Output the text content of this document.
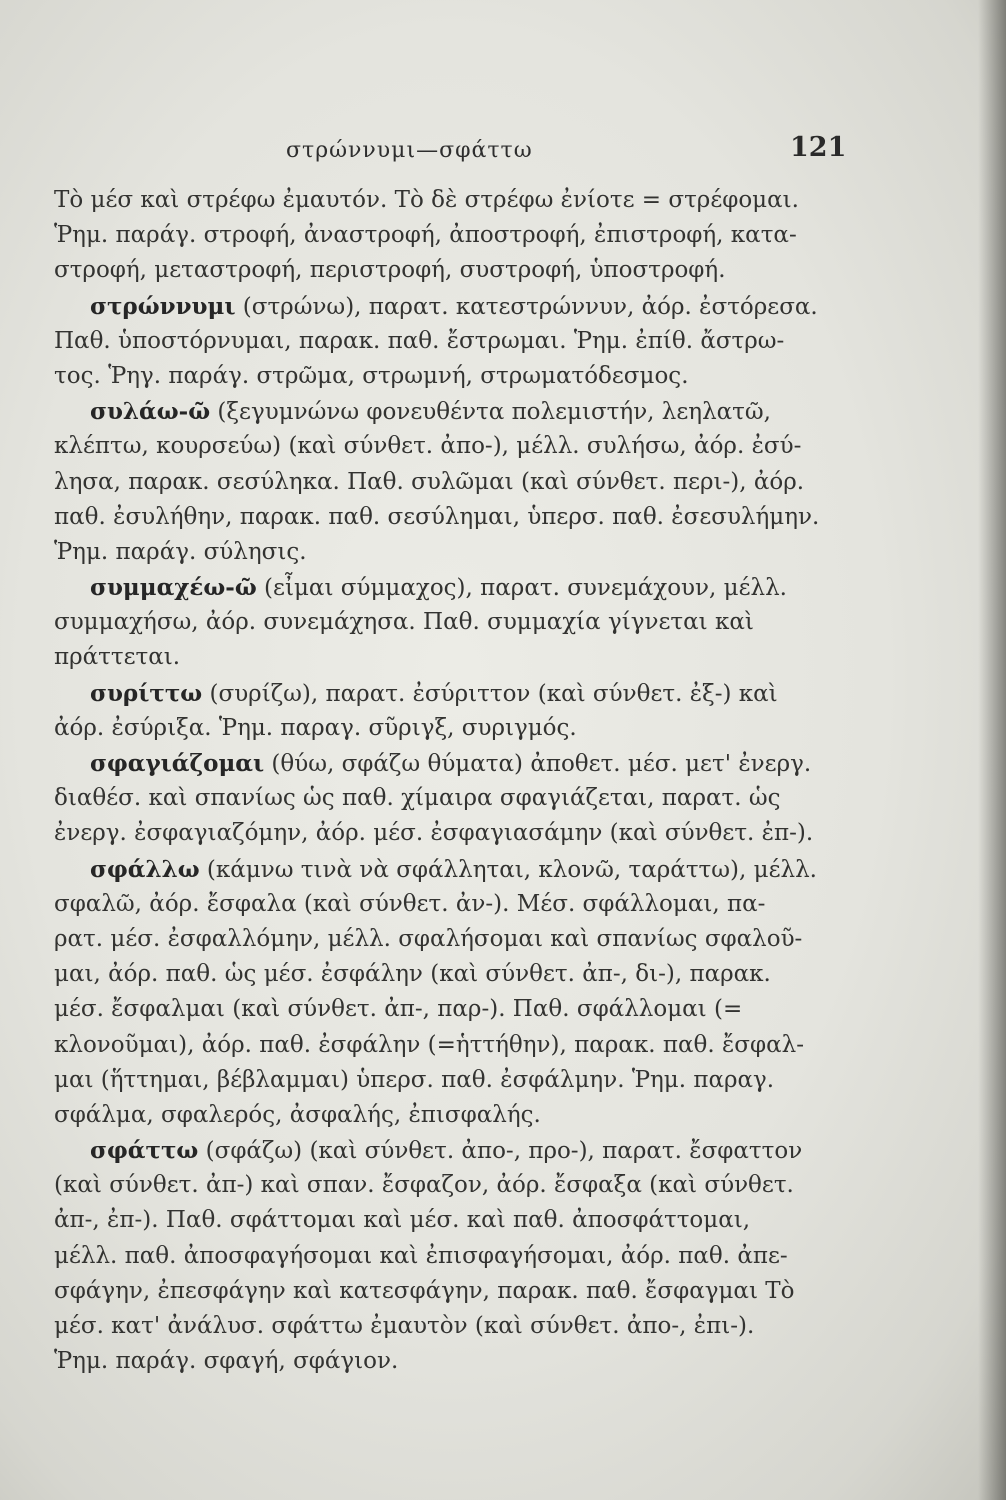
στρώννυμι—σφάττω	121
Τὸ μέσ καὶ στρέφω ἐμαυτόν. Τὸ δὲ στρέφω ἐνίοτε = στρέφομαι.
Ῥημ. παράγ. στροφή, ἀναστροφή, ἀποστροφή, ἐπιστροφή, κατα-
στροφή, μεταστροφή, περιστροφή, συστροφή, ὑποστροφή.
στρώννυμι (στρώνω), παρατ. κατεστρώννυν, ἀόρ. ἐστόρεσα.
Παθ. ὑποστόρνυμαι, παρακ. παθ. ἔστρωμαι. Ῥημ. ἐπίθ. ἄστρω-
τος. Ῥηγ. παράγ. στρῶμα, στρωμνή, στρωματόδεσμος.
συλάω-ῶ (ξεγυμνώνω φονευθέντα πολεμιστήν, λεηλατῶ,
κλέπτω, κουρσεύω) (καὶ σύνθετ. ἀπο-), μέλλ. συλήσω, ἀόρ. ἐσύ-
λησα, παρακ. σεσύληκα. Παθ. συλῶμαι (καὶ σύνθετ. περι-), ἀόρ.
παθ. ἐσυλήθην, παρακ. παθ. σεσύλημαι, ὑπερσ. παθ. ἐσεσυλήμην.
Ῥημ. παράγ. σύλησις.
συμμαχέω-ῶ (εἶμαι σύμμαχος), παρατ. συνεμάχουν, μέλλ.
συμμαχήσω, ἀόρ. συνεμάχησα. Παθ. συμμαχία γίγνεται καὶ
πράττεται.
συρίττω (συρίζω), παρατ. ἐσύριττον (καὶ σύνθετ. ἐξ-) καὶ
ἀόρ. ἐσύριξα. Ῥημ. παραγ. σῦριγξ, συριγμός.
σφαγιάζομαι (θύω, σφάζω θύματα) ἀποθετ. μέσ. μετ' ἐνεργ.
διαθέσ. καὶ σπανίως ὡς παθ. χίμαιρα σφαγιάζεται, παρατ. ὡς
ἐνεργ. ἐσφαγιαζόμην, ἀόρ. μέσ. ἐσφαγιασάμην (καὶ σύνθετ. ἐπ-).
σφάλλω (κάμνω τινὰ νὰ σφάλληται, κλονῶ, ταράττω), μέλλ.
σφαλῶ, ἀόρ. ἔσφαλα (καὶ σύνθετ. ἀν-). Μέσ. σφάλλομαι, πα-
ρατ. μέσ. ἐσφαλλόμην, μέλλ. σφαλήσομαι καὶ σπανίως σφαλοῦ-
μαι, ἀόρ. παθ. ὡς μέσ. ἐσφάλην (καὶ σύνθετ. ἀπ-, δι-), παρακ.
μέσ. ἔσφαλμαι (καὶ σύνθετ. ἀπ-, παρ-). Παθ. σφάλλομαι (=
κλονοῦμαι), ἀόρ. παθ. ἐσφάλην (=ἡττήθην), παρακ. παθ. ἔσφαλ-
μαι (ἥττημαι, βέβλαμμαι) ὑπερσ. παθ. ἐσφάλμην. Ῥημ. παραγ.
σφάλμα, σφαλερός, ἀσφαλής, ἐπισφαλής.
σφάττω (σφάζω) (καὶ σύνθετ. ἀπο-, προ-), παρατ. ἔσφαττον
(καὶ σύνθετ. ἀπ-) καὶ σπαν. ἔσφαζον, ἀόρ. ἔσφαξα (καὶ σύνθετ.
ἀπ-, ἐπ-). Παθ. σφάττομαι καὶ μέσ. καὶ παθ. ἀποσφάττομαι,
μέλλ. παθ. ἀποσφαγήσομαι καὶ ἐπισφαγήσομαι, ἀόρ. παθ. ἀπε-
σφάγην, ἐπεσφάγην καὶ κατεσφάγην, παρακ. παθ. ἔσφαγμαι Τὸ
μέσ. κατ' ἀνάλυσ. σφάττω ἐμαυτὸν (καὶ σύνθετ. ἀπο-, ἐπι-).
Ῥημ. παράγ. σφαγή, σφάγιον.
